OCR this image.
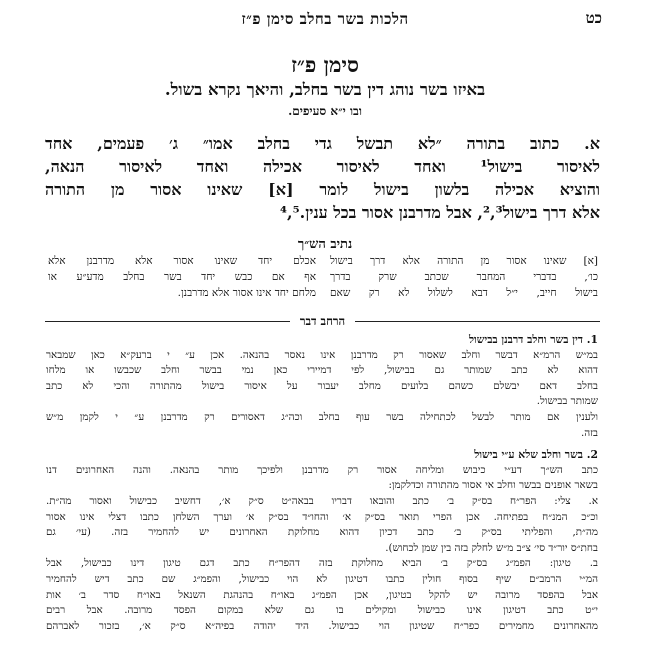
כט
הלכות בשר בחלב סימן פ״ז
סימן פ״ז
באיזו בשר נוהג דין בשר בחלב, והיאך נקרא בשול.
ובו י״א סעיפים.
א. כתוב בתורה ״לא תבשל גדי בחלב אמו״ ג׳ פעמים, אחד
לאיסור בישול¹ ואחד לאיסור אכילה ואחד לאיסור הנאה,
והוציא אכילה בלשון בישול לומר [א] שאינו אסור מן התורה
אלא דרך בישול²,³, אבל מדרבנן אסור בכל ענין.⁴,⁵
נתיב הש״ך
[א] שאינו אסור מן התורה אלא דרך בישול
כו׳, בדברי המחבר שכתב שרק בדרך
בישול חייב, י״ל דבא לשלול לא רק שאם
אכלם יחד שאינו אסור אלא מדרבנן אלא
אף אם כבש יחד בשר בחלב מדע״ע או
מלחם יחד אינו אסור אלא מדרבנן.
הרחב דבר
1. דין בשר וחלב דרבנן בבישול
במ״ש הרמ״א דבשר וחלב שאסור רק מדרבנן אינו נאסר בהנאה. אכן ע״ י ברעק״א כאן שמבאר
דהוא לא כתב שמותר גם בבישול, לפי דמיירי כאן נמי בבשר וחלב שכבשו או מלחו
בחלב דאם יבשלם כשהם בלועים מחלב יעבור על איסור בישול מהתורה והכי לא כתב
שמותר בבישול.
ולענין אם מותר לבשל לכתחילה בשר עוף בחלב וכה״ג דאסורים רק מדרבנן ע״ י לקמן מ״ש
בזה.
2. בשר וחלב שלא ע״י בישול
כתב הש״ך דע״י כיבוש ומליחה אסור רק מדרבנן ולפיכך מותר בהנאה. והנה האחרונים דנו
בשאר אופנים בבשר וחלב אי אסור מהתורה וכדלקמן:
א. צלי: הפר״ח בס״ק ב׳ כתב והובאו דבריו בבאה״ט ס״ק א׳, דחשיב כבישול ואסור מה״ת.
וכ״כ המנ״ח בפתיחה. אכן הפרי תואר בס״ק א׳ והחו״ד בס״ק א׳ וערך השלחן כתבו דצלי אינו אסור
מה״ת, והפליתי בס״ק ב׳ כתב דכיון דהוא מחלוקת האחרונים יש להחמיר בזה. (עי׳ גם
בחת״ס יור״ד סי׳ צ״ב מ״ש לחלק בזה בין שמן לכחוש).
ב. טיגון: הפמ״ג בס״ק ב׳ הביא מחלוקת בזה דהפר״ח כתב דגם טיגון דינו כבישול, אבל
המ״י הרמב״ם שיף בסוף חולין כתבו דטיגון לא הוי כבישול, והפמ״ג שם כתב דיש להחמיר
אבל בהפסד מרובה יש להקל בטיגון, אכן הפמ״ג באו״ח בהנהגת השנאל באו״ח סדר ב׳ אות
י״ט כתב דטיגון אינו כבישול ומקילים בו גם שלא במקום הפסד מרובה. אבל רבים
מהאחרונים מחמירים כפר״ח שטיגון הוי כבישול. היד יהודה בפיה״א ס״ק א׳, בזכור לאברהם
